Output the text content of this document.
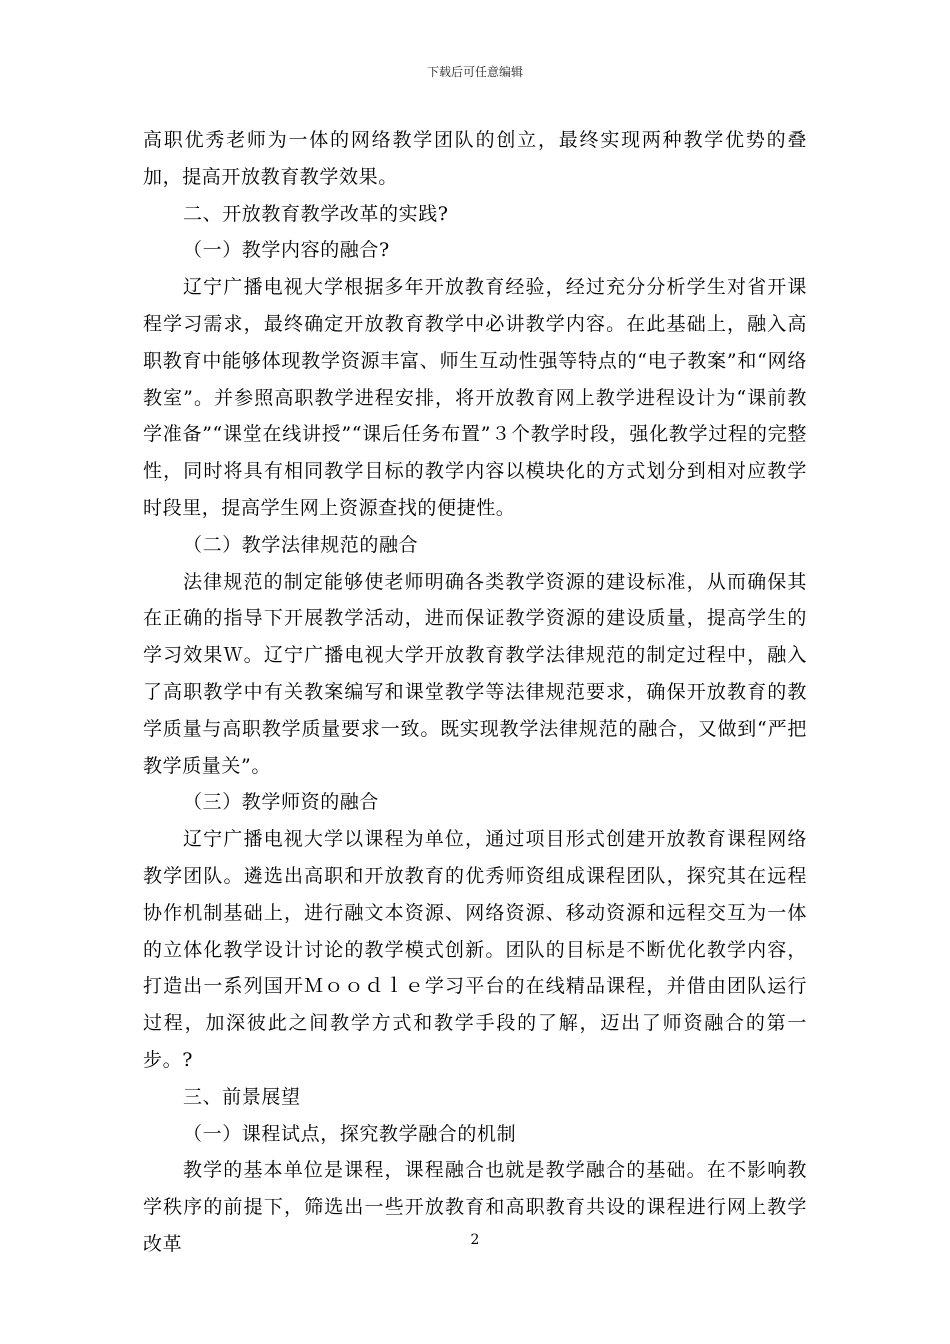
下载后可任意编辑

高职优秀老师为一体的网络教学团队的创立，最终实现两种教学优势的叠加，提高开放教育教学效果。

二、开放教育教学改革的实践?

（一）教学内容的融合?

辽宁广播电视大学根据多年开放教育经验，经过充分分析学生对省开课程学习需求，最终确定开放教育教学中必讲教学内容。在此基础上，融入高职教育中能够体现教学资源丰富、师生互动性强等特点的“电子教案”和“网络教室”。并参照高职教学进程安排，将开放教育网上教学进程设计为“课前教学准备”“课堂在线讲授”“课后任务布置”３个教学时段，强化教学过程的完整性，同时将具有相同教学目标的教学内容以模块化的方式划分到相对应教学时段里，提高学生网上资源查找的便捷性。

（二）教学法律规范的融合

法律规范的制定能够使老师明确各类教学资源的建设标准，从而确保其在正确的指导下开展教学活动，进而保证教学资源的建设质量，提高学生的学习效果Ｗ。辽宁广播电视大学开放教育教学法律规范的制定过程中，融入了高职教学中有关教案编写和课堂教学等法律规范要求，确保开放教育的教学质量与高职教学质量要求一致。既实现教学法律规范的融合，又做到“严把教学质量关”。

（三）教学师资的融合

辽宁广播电视大学以课程为单位，通过项目形式创建开放教育课程网络教学团队。遴选出高职和开放教育的优秀师资组成课程团队，探究其在远程协作机制基础上，进行融文本资源、网络资源、移动资源和远程交互为一体的立体化教学设计讨论的教学模式创新。团队的目标是不断优化教学内容，打造出一系列国开Ｍｏｏｄｌｅ学习平台的在线精品课程，并借由团队运行过程，加深彼此之间教学方式和教学手段的了解，迈出了师资融合的第一步。?

三、前景展望

（一）课程试点，探究教学融合的机制

教学的基本单位是课程，课程融合也就是教学融合的基础。在不影响教学秩序的前提下，筛选出一些开放教育和高职教育共设的课程进行网上教学改革	2
